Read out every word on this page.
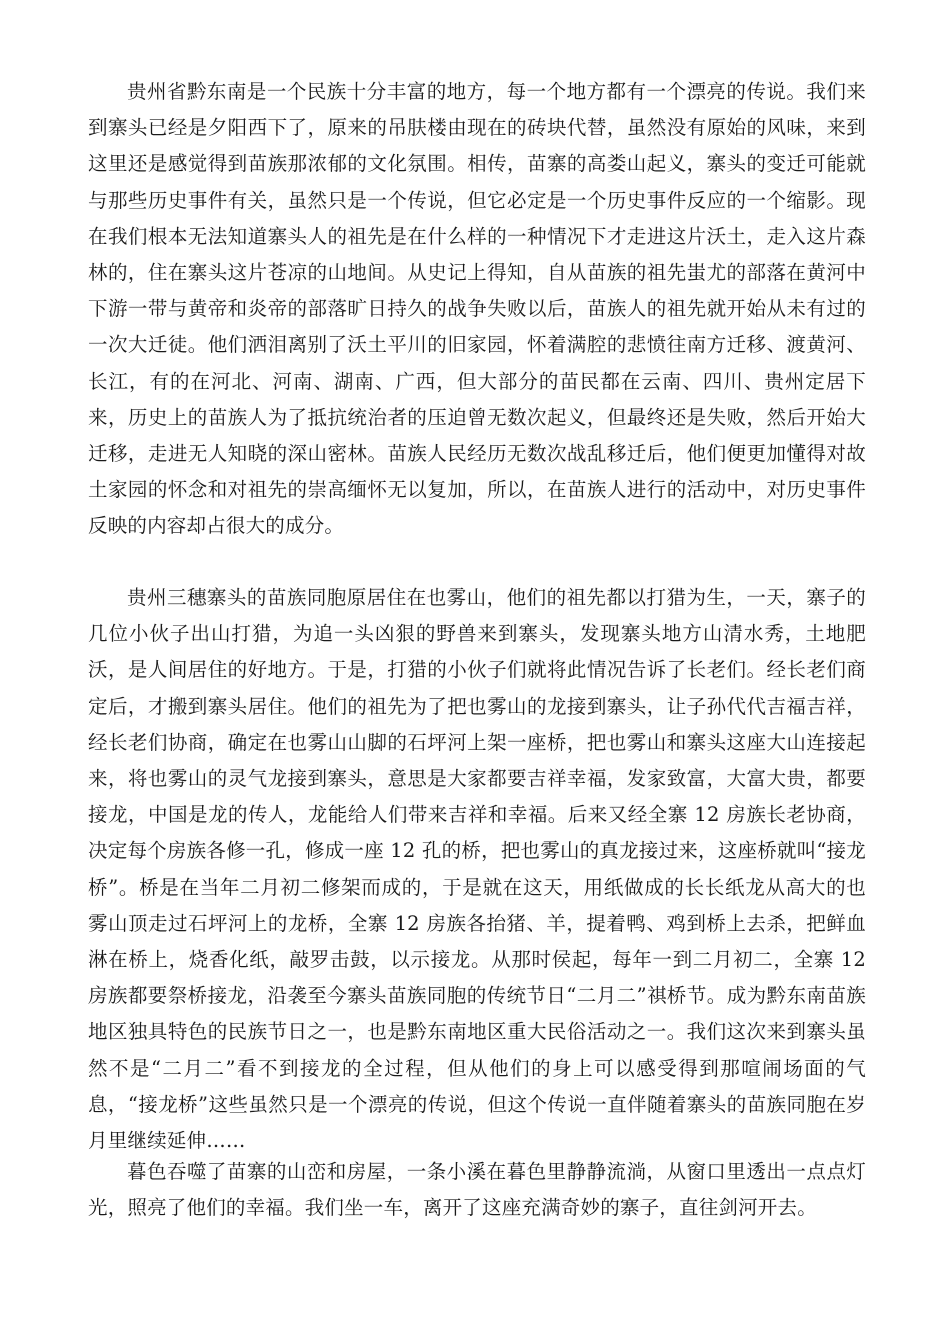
贵州省黔东南是一个民族十分丰富的地方，每一个地方都有一个漂亮的传说。我们来到寨头已经是夕阳西下了，原来的吊肤楼由现在的砖块代替，虽然没有原始的风味，来到这里还是感觉得到苗族那浓郁的文化氛围。相传，苗寨的高娄山起义，寨头的变迁可能就与那些历史事件有关，虽然只是一个传说，但它必定是一个历史事件反应的一个缩影。现在我们根本无法知道寨头人的祖先是在什么样的一种情况下才走进这片沃土，走入这片森林的，住在寨头这片苍凉的山地间。从史记上得知，自从苗族的祖先蚩尤的部落在黄河中下游一带与黄帝和炎帝的部落旷日持久的战争失败以后，苗族人的祖先就开始从未有过的一次大迁徒。他们洒泪离别了沃土平川的旧家园，怀着满腔的悲愤往南方迁移、渡黄河、长江，有的在河北、河南、湖南、广西，但大部分的苗民都在云南、四川、贵州定居下来，历史上的苗族人为了抵抗统治者的压迫曾无数次起义，但最终还是失败，然后开始大迁移，走进无人知晓的深山密林。苗族人民经历无数次战乱移迁后，他们便更加懂得对故土家园的怀念和对祖先的崇高缅怀无以复加，所以，在苗族人进行的活动中，对历史事件反映的内容却占很大的成分。

贵州三穗寨头的苗族同胞原居住在也雾山，他们的祖先都以打猎为生，一天，寨子的几位小伙子出山打猎，为追一头凶狠的野兽来到寨头，发现寨头地方山清水秀，土地肥沃，是人间居住的好地方。于是，打猎的小伙子们就将此情况告诉了长老们。经长老们商定后，才搬到寨头居住。他们的祖先为了把也雾山的龙接到寨头，让子孙代代吉福吉祥，经长老们协商，确定在也雾山山脚的石坪河上架一座桥，把也雾山和寨头这座大山连接起来，将也雾山的灵气龙接到寨头，意思是大家都要吉祥幸福，发家致富，大富大贵，都要接龙，中国是龙的传人，龙能给人们带来吉祥和幸福。后来又经全寨 12 房族长老协商，决定每个房族各修一孔，修成一座 12 孔的桥，把也雾山的真龙接过来，这座桥就叫“接龙桥”。桥是在当年二月初二修架而成的，于是就在这天，用纸做成的长长纸龙从高大的也雾山顶走过石坪河上的龙桥，全寨 12 房族各抬猪、羊，提着鸭、鸡到桥上去杀，把鲜血淋在桥上，烧香化纸，敲罗击鼓，以示接龙。从那时侯起，每年一到二月初二，全寨 12 房族都要祭桥接龙，沿袭至今寨头苗族同胞的传统节日“二月二”祺桥节。成为黔东南苗族地区独具特色的民族节日之一，也是黔东南地区重大民俗活动之一。我们这次来到寨头虽然不是“二月二”看不到接龙的全过程，但从他们的身上可以感受得到那喧闹场面的气息，“接龙桥”这些虽然只是一个漂亮的传说，但这个传说一直伴随着寨头的苗族同胞在岁月里继续延伸……

暮色吞噬了苗寨的山峦和房屋，一条小溪在暮色里静静流淌，从窗口里透出一点点灯光，照亮了他们的幸福。我们坐一车，离开了这座充满奇妙的寨子，直往剑河开去。
